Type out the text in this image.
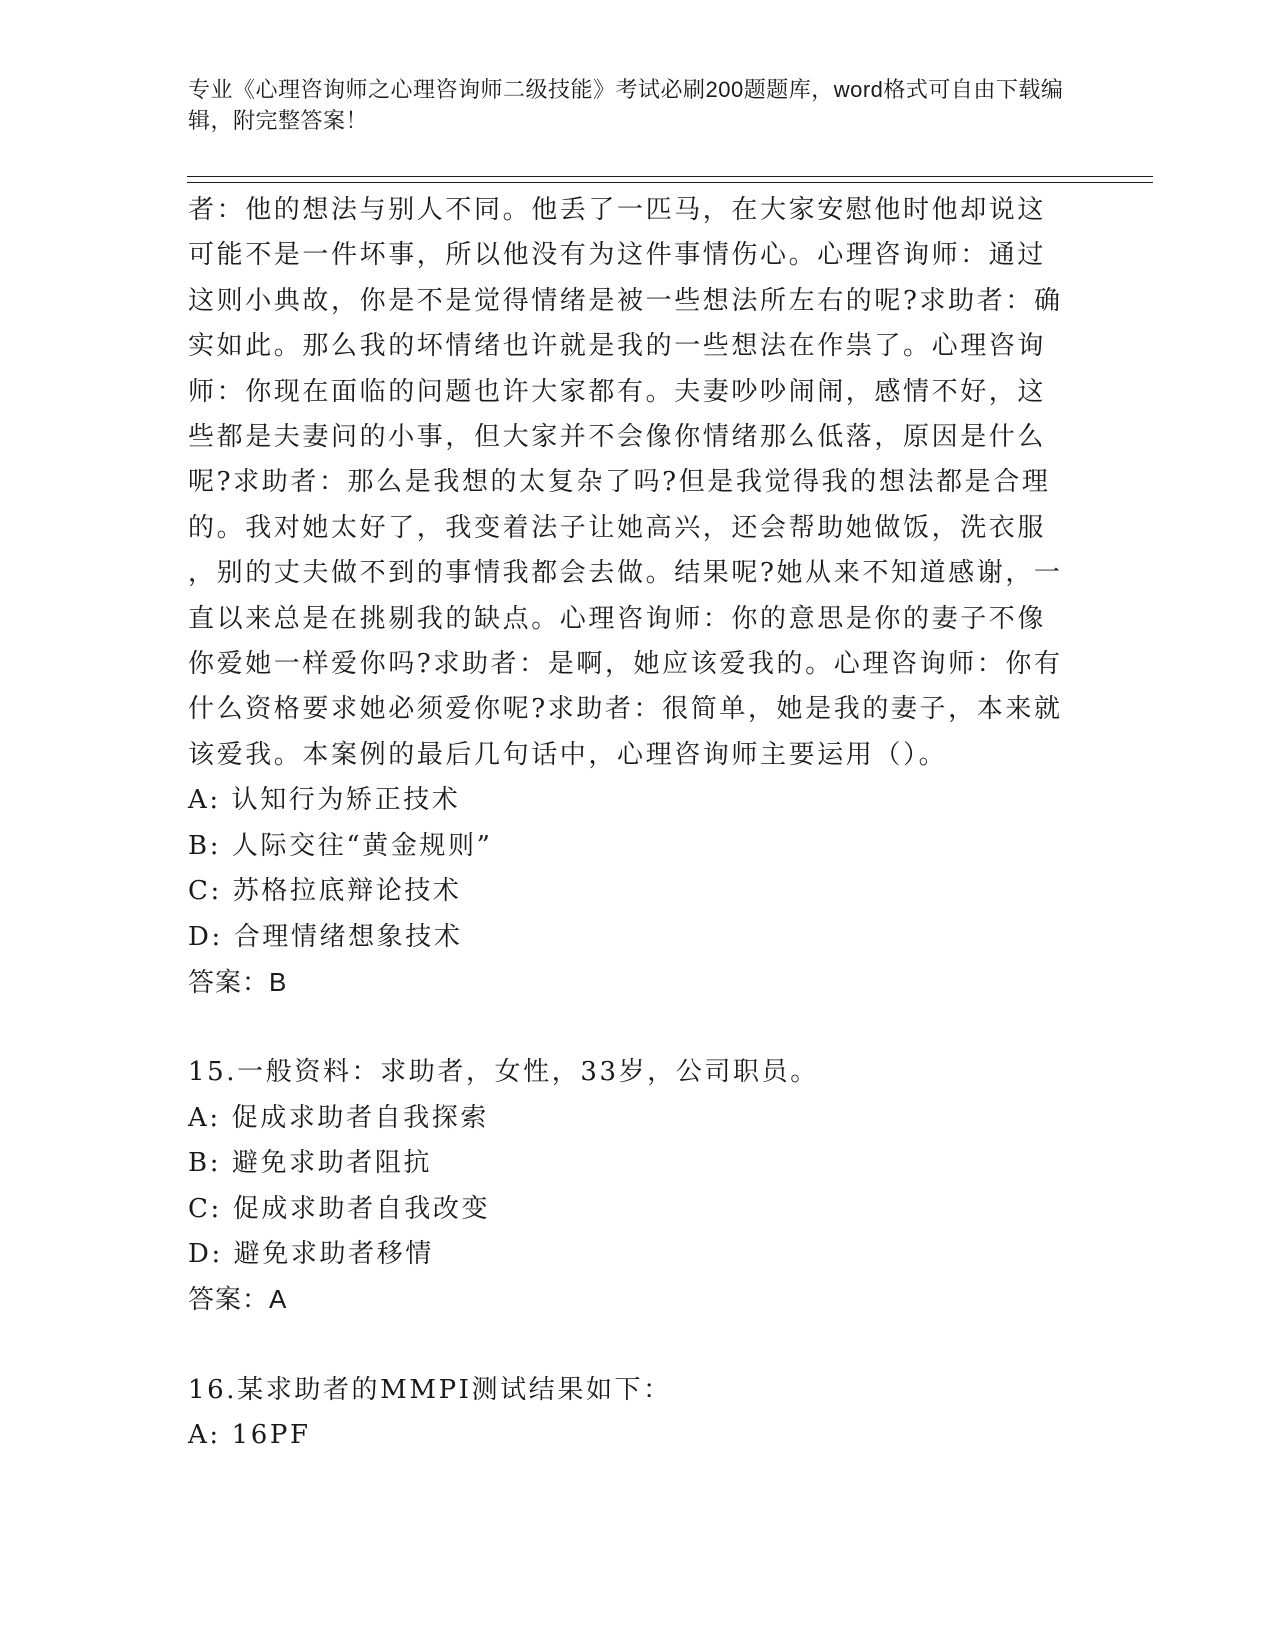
专业《心理咨询师之心理咨询师二级技能》考试必刷200题题库，word格式可自由下载编辑，附完整答案！

者：他的想法与别人不同。他丢了一匹马，在大家安慰他时他却说这

可能不是一件坏事，所以他没有为这件事情伤心。心理咨询师：通过

这则小典故，你是不是觉得情绪是被一些想法所左右的呢?求助者：确

实如此。那么我的坏情绪也许就是我的一些想法在作祟了。心理咨询

师：你现在面临的问题也许大家都有。夫妻吵吵闹闹，感情不好，这

些都是夫妻问的小事，但大家并不会像你情绪那么低落，原因是什么

呢?求助者：那么是我想的太复杂了吗?但是我觉得我的想法都是合理

的。我对她太好了，我变着法子让她高兴，还会帮助她做饭，洗衣服

，别的丈夫做不到的事情我都会去做。结果呢?她从来不知道感谢，一

直以来总是在挑剔我的缺点。心理咨询师：你的意思是你的妻子不像

你爱她一样爱你吗?求助者：是啊，她应该爱我的。心理咨询师：你有

什么资格要求她必须爱你呢?求助者：很简单，她是我的妻子，本来就

该爱我。本案例的最后几句话中，心理咨询师主要运用（）。

A: 认知行为矫正技术

B: 人际交往“黄金规则”

C: 苏格拉底辩论技术

D: 合理情绪想象技术

答案：B

15.一般资料：求助者，女性，33岁，公司职员。

A: 促成求助者自我探索

B: 避免求助者阻抗

C: 促成求助者自我改变

D: 避免求助者移情

答案：A

16.某求助者的MMPI测试结果如下：

A: 16PF
